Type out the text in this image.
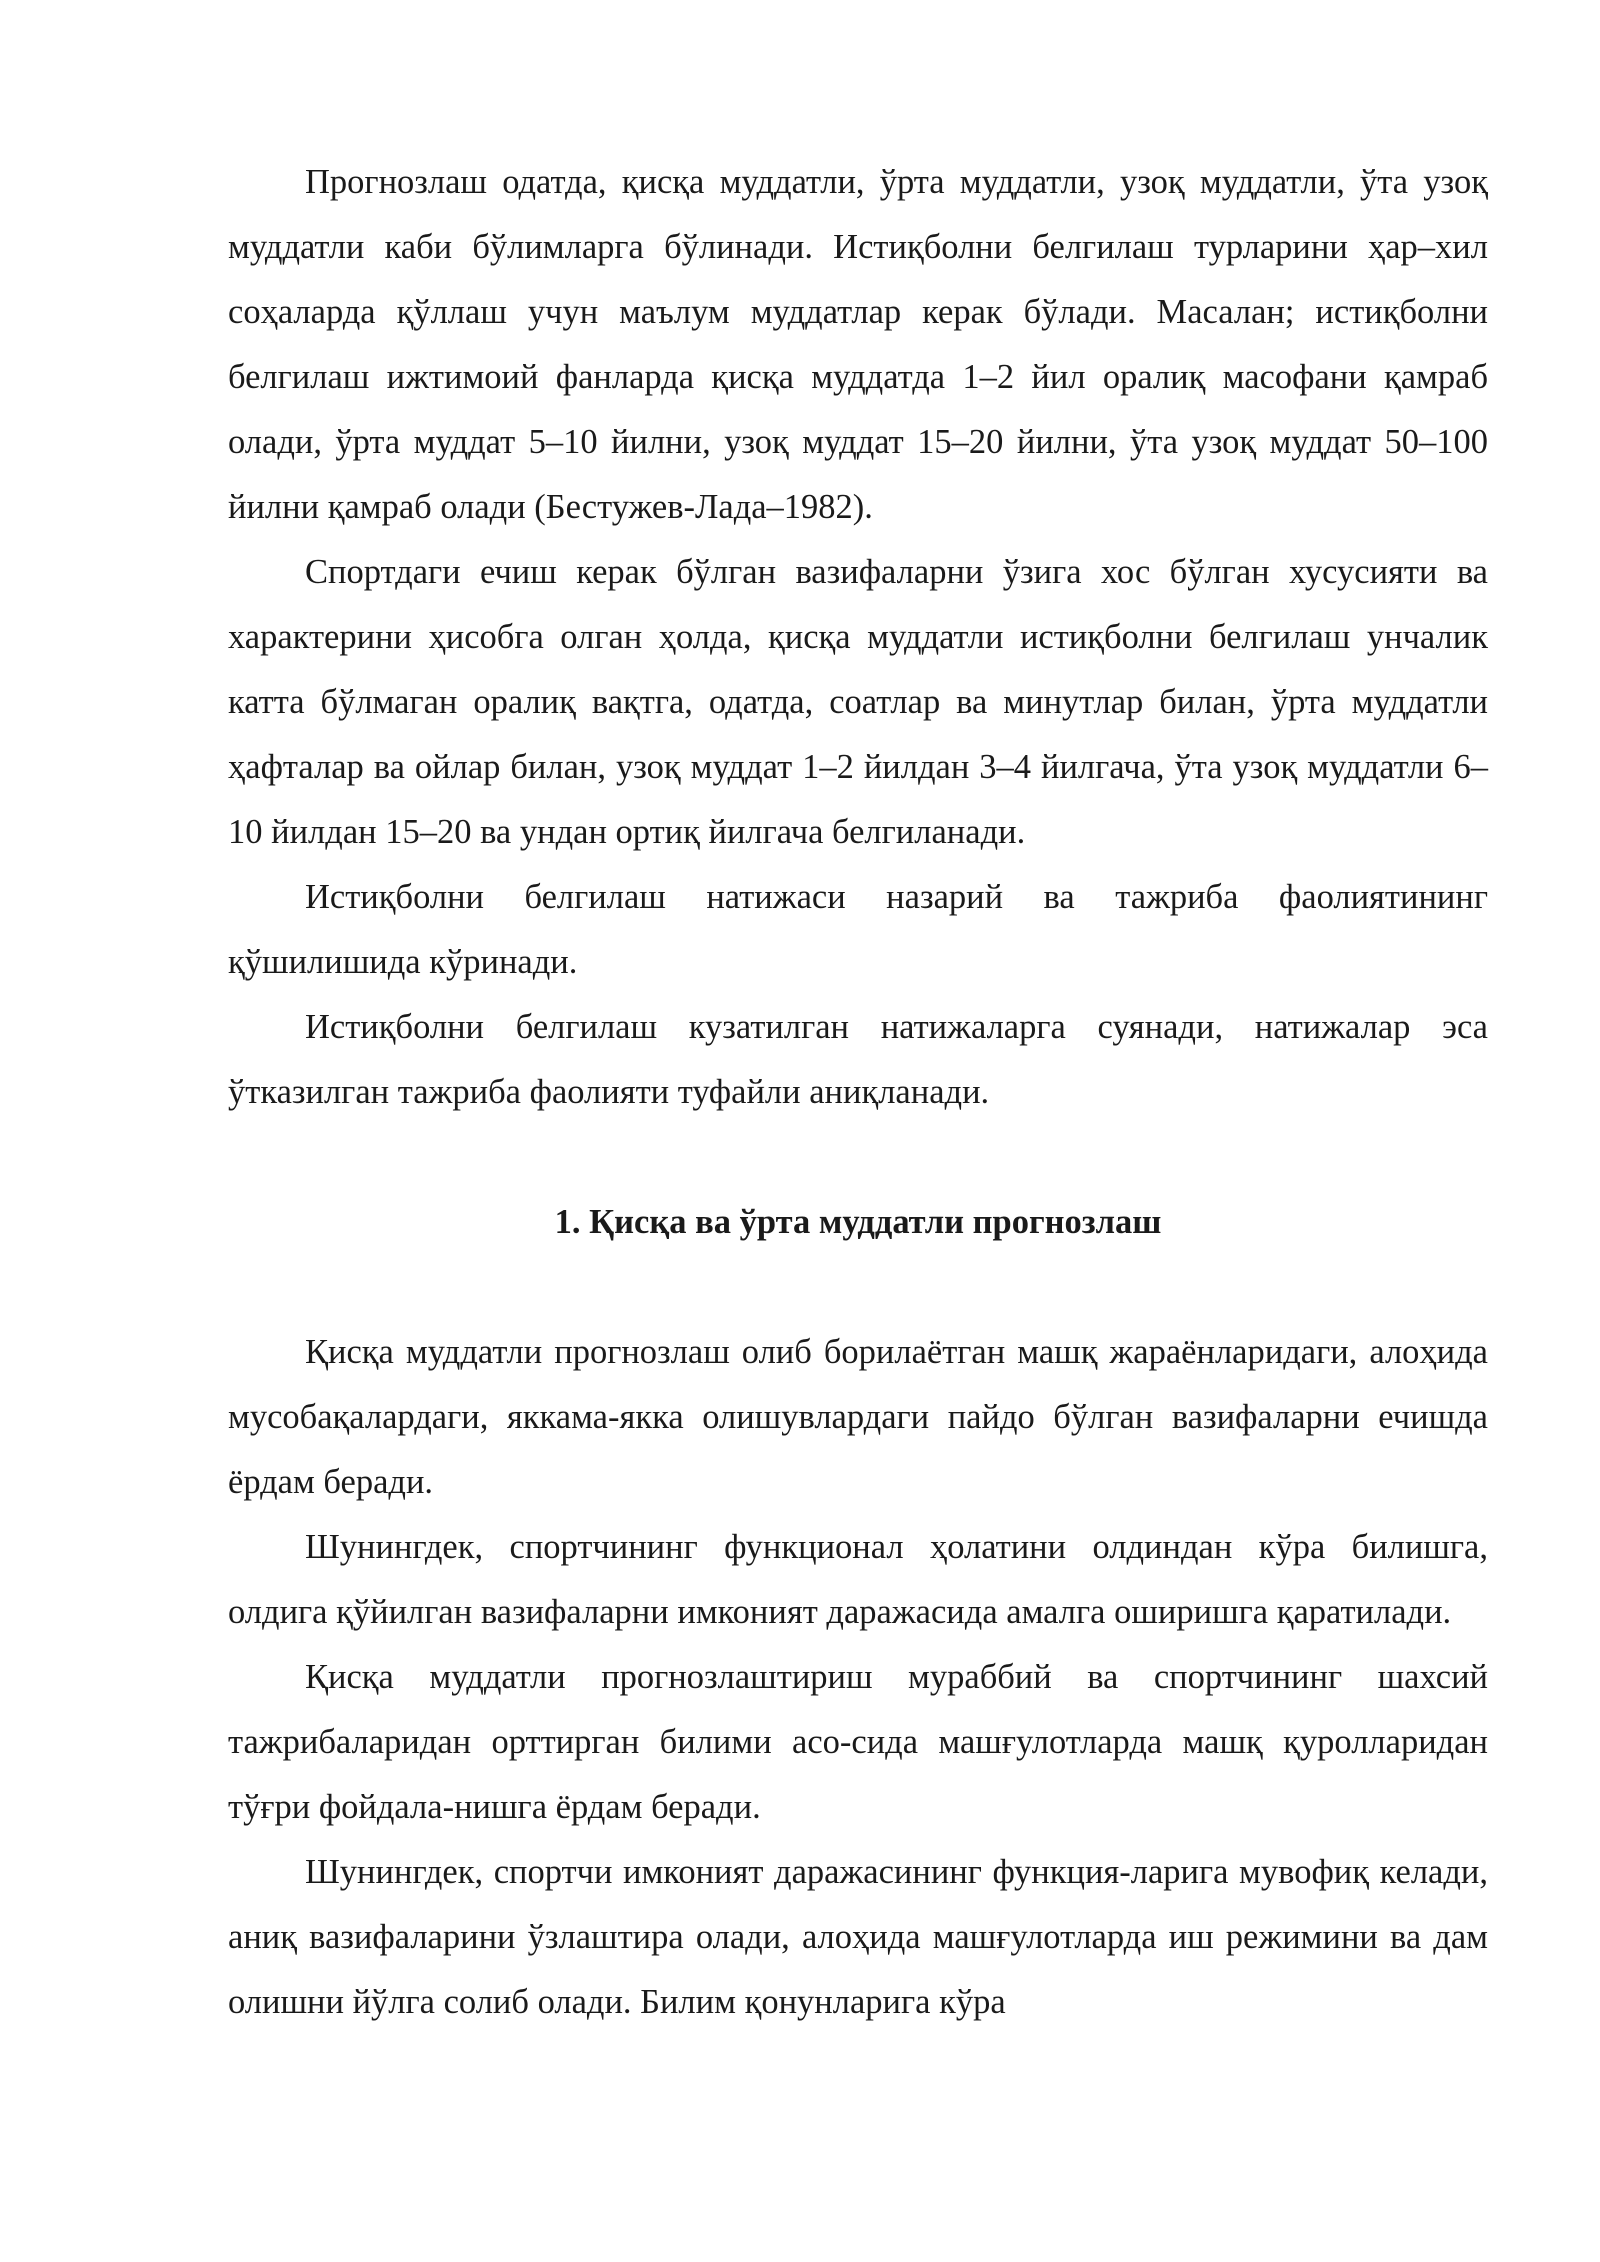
Прогнозлаш одатда, қисқа муддатли, ўрта муддатли, узоқ муддатли, ўта узоқ муддатли каби бўлимларга бўлинади. Истиқболни белгилаш турларини ҳар–хил соҳаларда қўллаш учун маълум муддатлар керак бўлади. Масалан; истиқболни белгилаш ижтимоий фанларда қисқа муддатда 1–2 йил оралиқ масофани қамраб олади, ўрта муддат 5–10 йилни, узоқ муддат 15–20 йилни, ўта узоқ муддат 50–100 йилни қамраб олади (Бестужев-Лада–1982).

Спортдаги ечиш керак бўлган вазифаларни ўзига хос бўлган хусусияти ва характерини ҳисобга олган ҳолда, қисқа муддатли истиқболни белгилаш унчалик катта бўлмаган оралиқ вақтга, одатда, соатлар ва минутлар билан, ўрта муддатли ҳафталар ва ойлар билан, узоқ муддат 1–2 йилдан 3–4 йилгача, ўта узоқ муддатли 6–10 йилдан 15–20 ва ундан ортиқ йилгача белгиланади.

Истиқболни белгилаш натижаси назарий ва тажриба фаолиятининг қўшилишида кўринади.

Истиқболни белгилаш кузатилган натижаларга суянади, натижалар эса ўтказилган тажриба фаолияти туфайли аниқланади.

1. Қисқа ва ўрта муддатли прогнозлаш

Қисқа муддатли прогнозлаш олиб борилаётган машқ жараёнларидаги, алоҳида мусобақалардаги, яккама-якка олишувлардаги пайдо бўлган вазифаларни ечишда ёрдам беради.

Шунингдек, спортчининг функционал ҳолатини олдиндан кўра билишга, олдига қўйилган вазифаларни имконият даражасида амалга оширишга қаратилади.

Қисқа муддатли прогнозлаштириш мураббий ва спортчининг шахсий тажрибаларидан орттирган билими асо-сида машғулотларда машқ қуролларидан тўғри фойдала-нишга ёрдам беради.

Шунингдек, спортчи имконият даражасининг функция-ларига мувофиқ келади, аниқ вазифаларини ўзлаштира олади, алоҳида машғулотларда иш режимини ва дам олишни йўлга солиб олади. Билим қонунларига кўра
